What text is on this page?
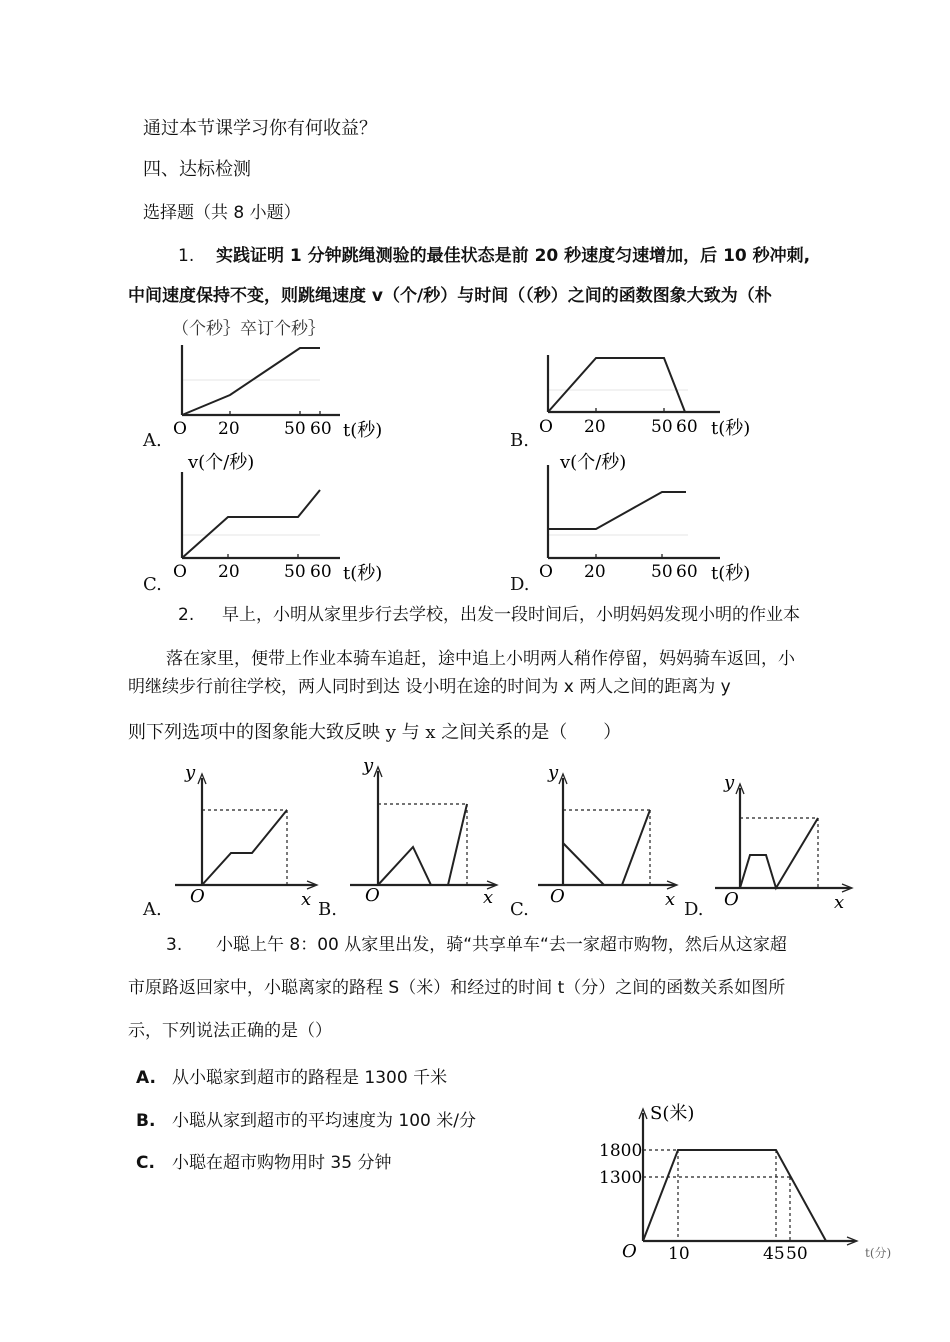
通过本节课学习你有何收益？
四、达标检测
选择题（共 8 小题）
1. 实践证明 1 分钟跳绳测验的最佳状态是前 20 秒速度匀速增加，后 10 秒冲刺,
中间速度保持不变，则跳绳速度 v（个/秒）与时间（（秒）之间的函数图象大致为（朴
（个秒｝卒订个秒｝
O 20	50 60 t(秒)
A.
O 20	50 60 t(秒)
B.
v(个/秒)
O 20	50 60 t(秒)
C.
v(个/秒)
O 20	50 60 t(秒)
D.
2. 早上，小明从家里步行去学校，出发一段时间后，小明妈妈发现小明的作业本
落在家里，便带上作业本骑车追赶，途中追上小明两人稍作停留，妈妈骑车返回，小
明继续步行前往学校，两人同时到达 设小明在途的时间为 x 两人之间的距离为 y
则下列选项中的图象能大致反映 y 与 x 之间关系的是（　　）
y
O	x
A.
y
O	x
B.
y
O	x
C.
y
O	x
D.
3. 小聪上午 8：00 从家里出发，骑“共享单车“去一家超市购物，然后从这家超
市原路返回家中，小聪离家的路程 S（米）和经过的时间 t（分）之间的函数关系如图所
示，下列说法正确的是（）
A. 从小聪家到超市的路程是 1300 千米
B. 小聪从家到超市的平均速度为 100 米/分
C. 小聪在超市购物用时 35 分钟
S(米)
1800
1300
O 10	45 50	t(分)
